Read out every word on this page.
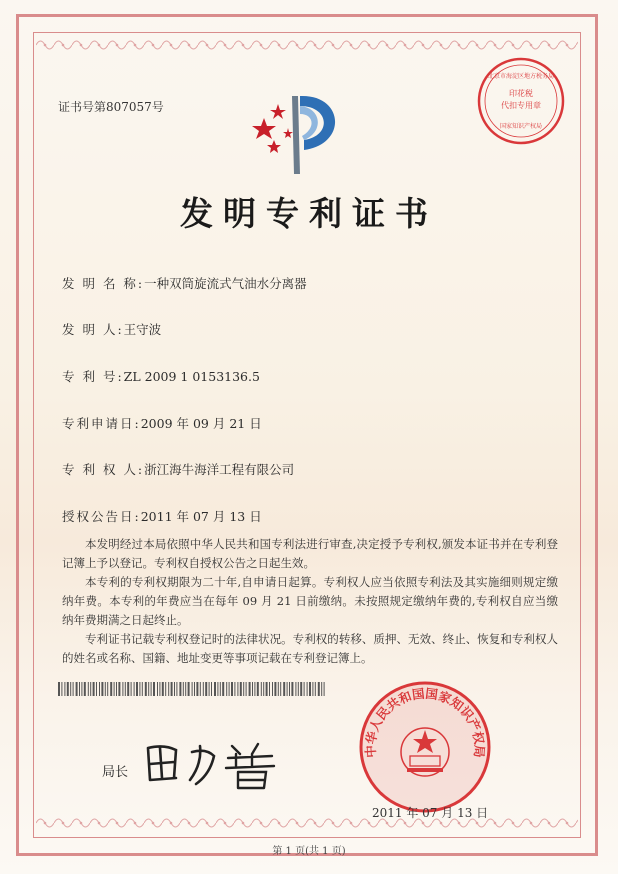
证书号第807057号
印花税
代扣专用章
北京市海淀区地方税务局
国家知识产权局
发明专利证书
发 明 名 称:一种双筒旋流式气油水分离器
发 明 人:王守波
专 利 号:ZL 2009 1 0153136.5
专利申请日:2009 年 09 月 21 日
专 利 权 人:浙江海牛海洋工程有限公司
授权公告日:2011 年 07 月 13 日

本发明经过本局依照中华人民共和国专利法进行审查,决定授予专利权,颁发本证书并在专利登记簿上予以登记。专利权自授权公告之日起生效。

本专利的专利权期限为二十年,自申请日起算。专利权人应当依照专利法及其实施细则规定缴纳年费。本专利的年费应当在每年 09 月 21 日前缴纳。未按照规定缴纳年费的,专利权自应当缴纳年费期满之日起终止。

专利证书记载专利权登记时的法律状况。专利权的转移、质押、无效、终止、恢复和专利权人的姓名或名称、国籍、地址变更等事项记载在专利登记簿上。

中华人民共和国国家知识产权局
局长
2011 年 07 月 13 日
第 1 页(共 1 页)
